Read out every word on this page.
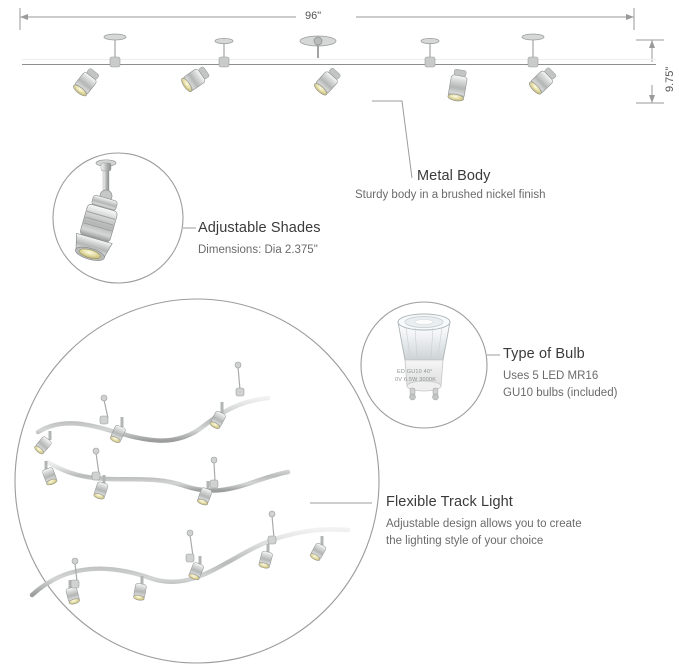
96"
9.75"
Metal Body
Sturdy body in a brushed nickel finish
Adjustable Shades
Dimensions: Dia 2.375"
Type of Bulb
Uses 5 LED MR16
GU10 bulbs (included)
ED GU10 40°
0V 6.5W 3000K
Flexible Track Light
Adjustable design allows you to create
the lighting style of your choice
